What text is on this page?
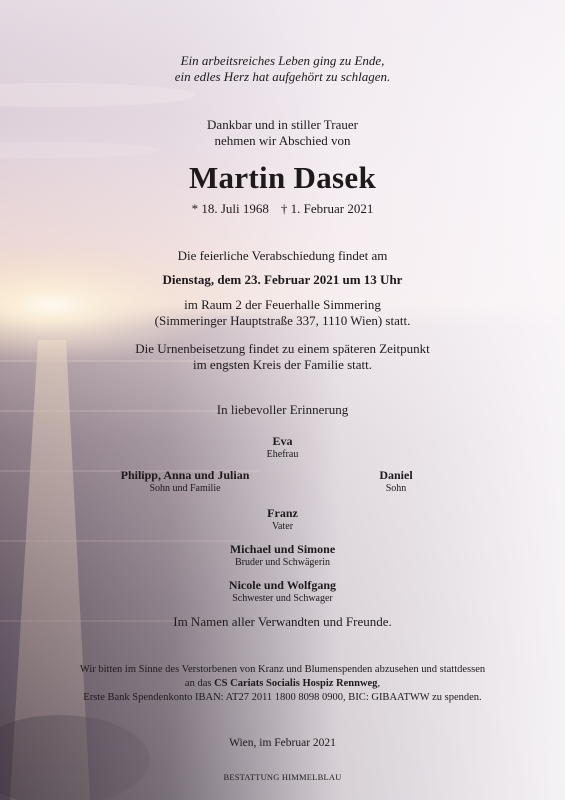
Ein arbeitsreiches Leben ging zu Ende,
ein edles Herz hat aufgehört zu schlagen.
Dankbar und in stiller Trauer
nehmen wir Abschied von
Martin Dasek
* 18. Juli 1968 † 1. Februar 2021
Die feierliche Verabschiedung findet am
Dienstag, dem 23. Februar 2021 um 13 Uhr
im Raum 2 der Feuerhalle Simmering
(Simmeringer Hauptstraße 337, 1110 Wien) statt.
Die Urnenbeisetzung findet zu einem späteren Zeitpunkt
im engsten Kreis der Familie statt.
In liebevoller Erinnerung
Eva
Ehefrau
Philipp, Anna und Julian
Sohn und Familie
Daniel
Sohn
Franz
Vater
Michael und Simone
Bruder und Schwägerin
Nicole und Wolfgang
Schwester und Schwager
Im Namen aller Verwandten und Freunde.
Wir bitten im Sinne des Verstorbenen von Kranz und Blumenspenden abzusehen und stattdessen
an das CS Cariats Socialis Hospiz Rennweg,
Erste Bank Spendenkonto IBAN: AT27 2011 1800 8098 0900, BIC: GIBAATWW zu spenden.
Wien, im Februar 2021
BESTATTUNG HIMMELBLAU
